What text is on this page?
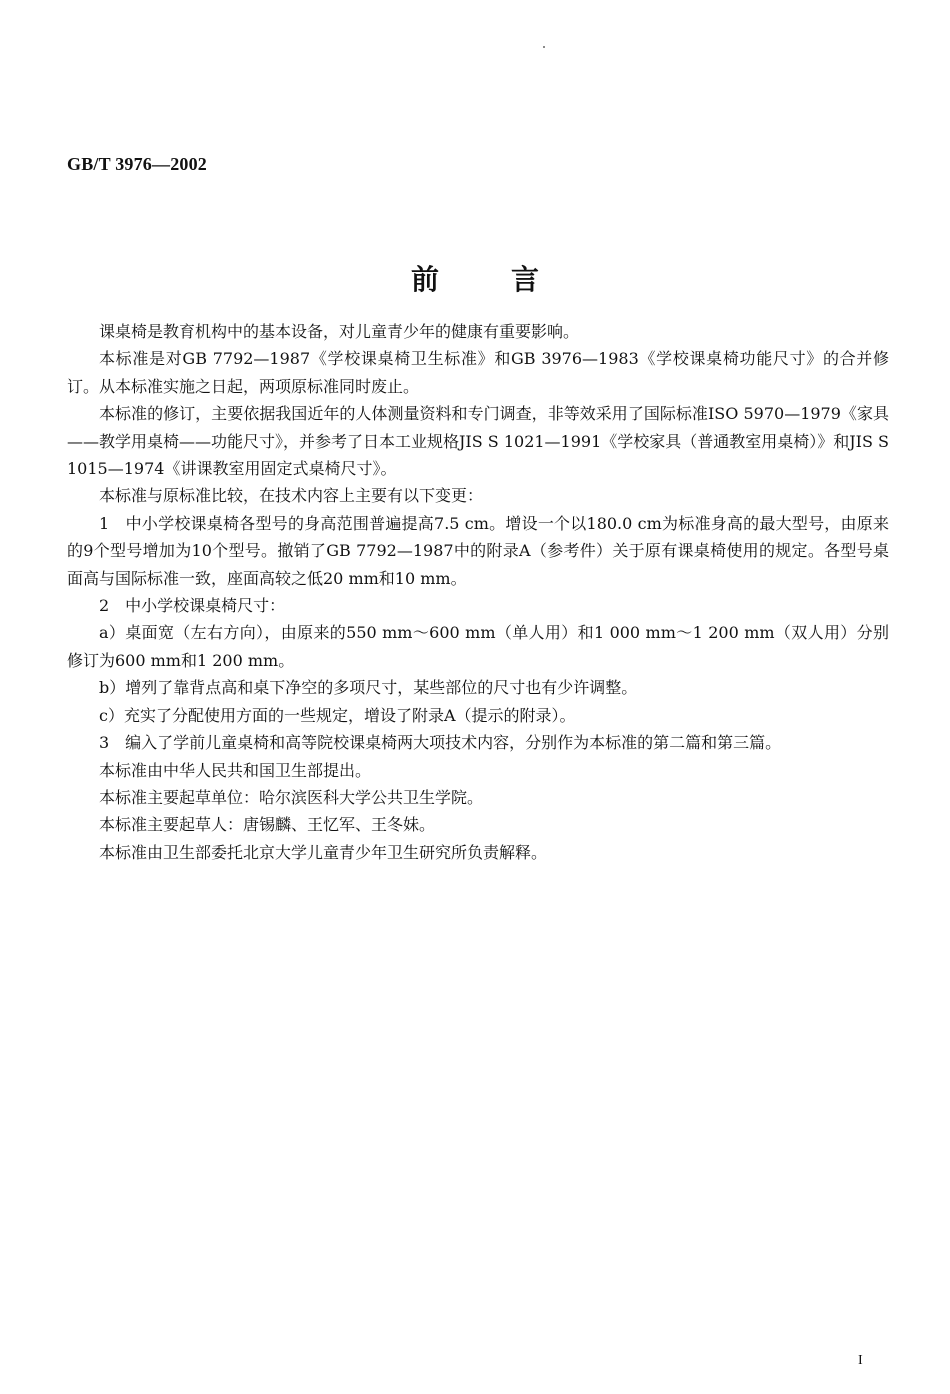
GB/T 3976—2002
前言

课桌椅是教育机构中的基本设备，对儿童青少年的健康有重要影响。

本标准是对GB 7792—1987《学校课桌椅卫生标准》和GB 3976—1983《学校课桌椅功能尺寸》的合并修订。从本标准实施之日起，两项原标准同时废止。

本标准的修订，主要依据我国近年的人体测量资料和专门调查，非等效采用了国际标准ISO 5970—1979《家具——教学用桌椅——功能尺寸》，并参考了日本工业规格JIS S 1021—1991《学校家具（普通教室用桌椅）》和JIS S 1015—1974《讲课教室用固定式桌椅尺寸》。

本标准与原标准比较，在技术内容上主要有以下变更：

1　中小学校课桌椅各型号的身高范围普遍提高7.5 cm。增设一个以180.0 cm为标准身高的最大型号，由原来的9个型号增加为10个型号。撤销了GB 7792—1987中的附录A（参考件）关于原有课桌椅使用的规定。各型号桌面高与国际标准一致，座面高较之低20 mm和10 mm。

2　中小学校课桌椅尺寸：

a）桌面宽（左右方向），由原来的550 mm～600 mm（单人用）和1 000 mm～1 200 mm（双人用）分别修订为600 mm和1 200 mm。

b）增列了靠背点高和桌下净空的多项尺寸，某些部位的尺寸也有少许调整。

c）充实了分配使用方面的一些规定，增设了附录A（提示的附录）。

3　编入了学前儿童桌椅和高等院校课桌椅两大项技术内容，分别作为本标准的第二篇和第三篇。

本标准由中华人民共和国卫生部提出。

本标准主要起草单位：哈尔滨医科大学公共卫生学院。

本标准主要起草人：唐锡麟、王忆军、王冬妹。

本标准由卫生部委托北京大学儿童青少年卫生研究所负责解释。

I
